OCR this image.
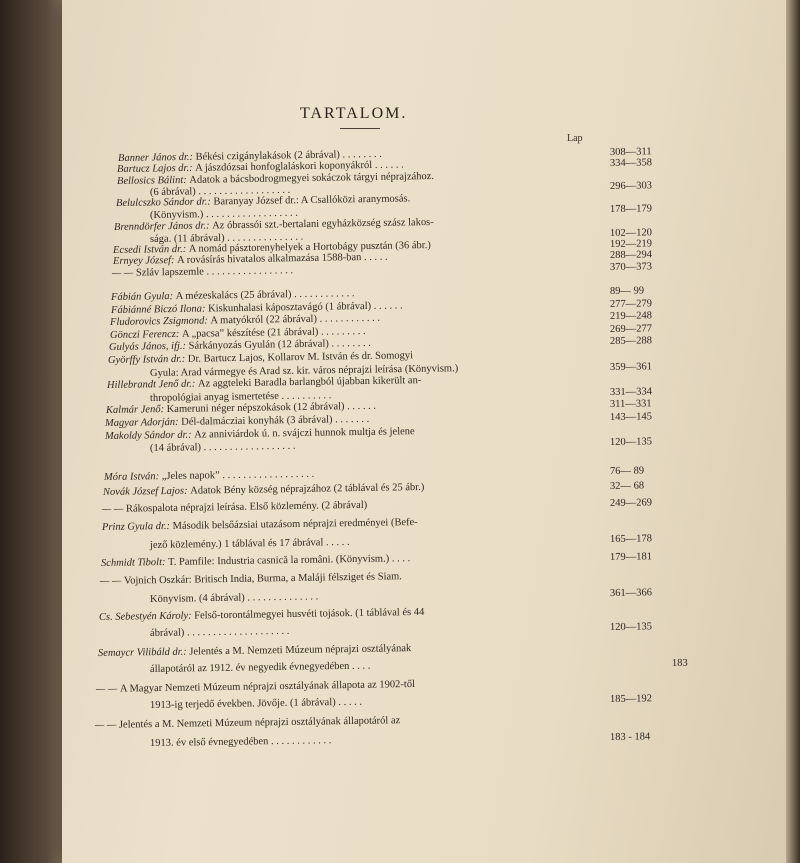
TARTALOM.
Lap
Banner János dr.: Békési czigánylakások (2 ábrával) . . . . . . . .	308—311
Bartucz Lajos dr.: A jászdózsai honfoglaláskori koponyákról . . . . . .	334—358
Bellosics Bálint: Adatok a bácsbodrogmegyei sokáczok tárgyi néprajzához.
(6 ábrával) . . . . . . . . . . . . . . . . . .	296—303
Belulcszko Sándor dr.: Baranyay József dr.: A Csallóközi aranymosás.
(Könyvism.) . . . . . . . . . . . . . . . . . .	178—179
Brenndörfer János dr.: Az óbrassói szt.-bertalani egyházközség szász lakos-
sága. (11 ábrával) . . . . . . . . . . . . . . .	102—120
Ecsedi István dr.: A nomád pásztorenyhelyek a Hortobágy pusztán (36 ábr.)	192—219
Ernyey József: A rovásírás hivatalos alkalmazása 1588-ban . . . . .	288—294
— — Szláv lapszemle . . . . . . . . . . . . . . . . .	370—373
Fábián Gyula: A mézeskalács (25 ábrával) . . . . . . . . . . . .	89— 99
Fábiánné Biczó Ilona: Kiskunhalasi káposztavágó (1 ábrával) . . . . . .	277—279
Fludorovics Zsigmond: A matyókról (22 ábrával) . . . . . . . . . . . .	219—248
Gönczi Ferencz: A „pacsa” készítése (21 ábrával) . . . . . . . . .	269—277
Gulyás János, ifj.: Sárkányozás Gyulán (12 ábrával) . . . . . . . .	285—288
Györffy István dr.: Dr. Bartucz Lajos, Kollarov M. István és dr. Somogyi
Gyula: Arad vármegye és Arad sz. kir. város néprajzi leírása (Könyvism.)	359—361
Hillebrandt Jenő dr.: Az aggteleki Baradla barlangból újabban kikerült an-
thropológiai anyag ismertetése . . . . . . . . . .	331—334
Kalmár Jenő: Kameruni néger népszokások (12 ábrával) . . . . . .	311—331
Magyar Adorján: Dél-dalmácziai konyhák (3 ábrával) . . . . . . .	143—145
Makoldy Sándor dr.: Az anniviárdok ú. n. svájczi hunnok multja és jelene
(14 ábrával) . . . . . . . . . . . . . . . . . .	120—135
Móra István: „Jeles napok” . . . . . . . . . . . . . . . . . .	76— 89
Novák József Lajos: Adatok Bény község néprajzához (2 táblával és 25 ábr.)	32— 68
— — Rákospalota néprajzi leírása. Első közlemény. (2 ábrával)	249—269
Prinz Gyula dr.: Második belsőázsiai utazásom néprajzi eredményei (Befe-
jező közlemény.) 1 táblával és 17 ábrával . . . . .	165—178
Schmidt Tibolt: T. Pamfile: Industria casnică la români. (Könyvism.) . . . .	179—181
— — Vojnich Oszkár: Britisch India, Burma, a Maláji félsziget és Siam.
Könyvism. (4 ábrával) . . . . . . . . . . . . . .	361—366
Cs. Sebestyén Károly: Felső-torontálmegyei husvéti tojások. (1 táblával és 44
ábrával) . . . . . . . . . . . . . . . . . . . .	120—135
Semaycr Vilibáld dr.: Jelentés a M. Nemzeti Múzeum néprajzi osztályának
állapotáról az 1912. év negyedik évnegyedében . . . .	183
— — A Magyar Nemzeti Múzeum néprajzi osztályának állapota az 1902-től
1913-ig terjedő években. Jövője. (1 ábrával) . . . . .	185—192
— — Jelentés a M. Nemzeti Múzeum néprajzi osztályának állapotáról az
1913. év első évnegyedében . . . . . . . . . . . .	183 - 184
